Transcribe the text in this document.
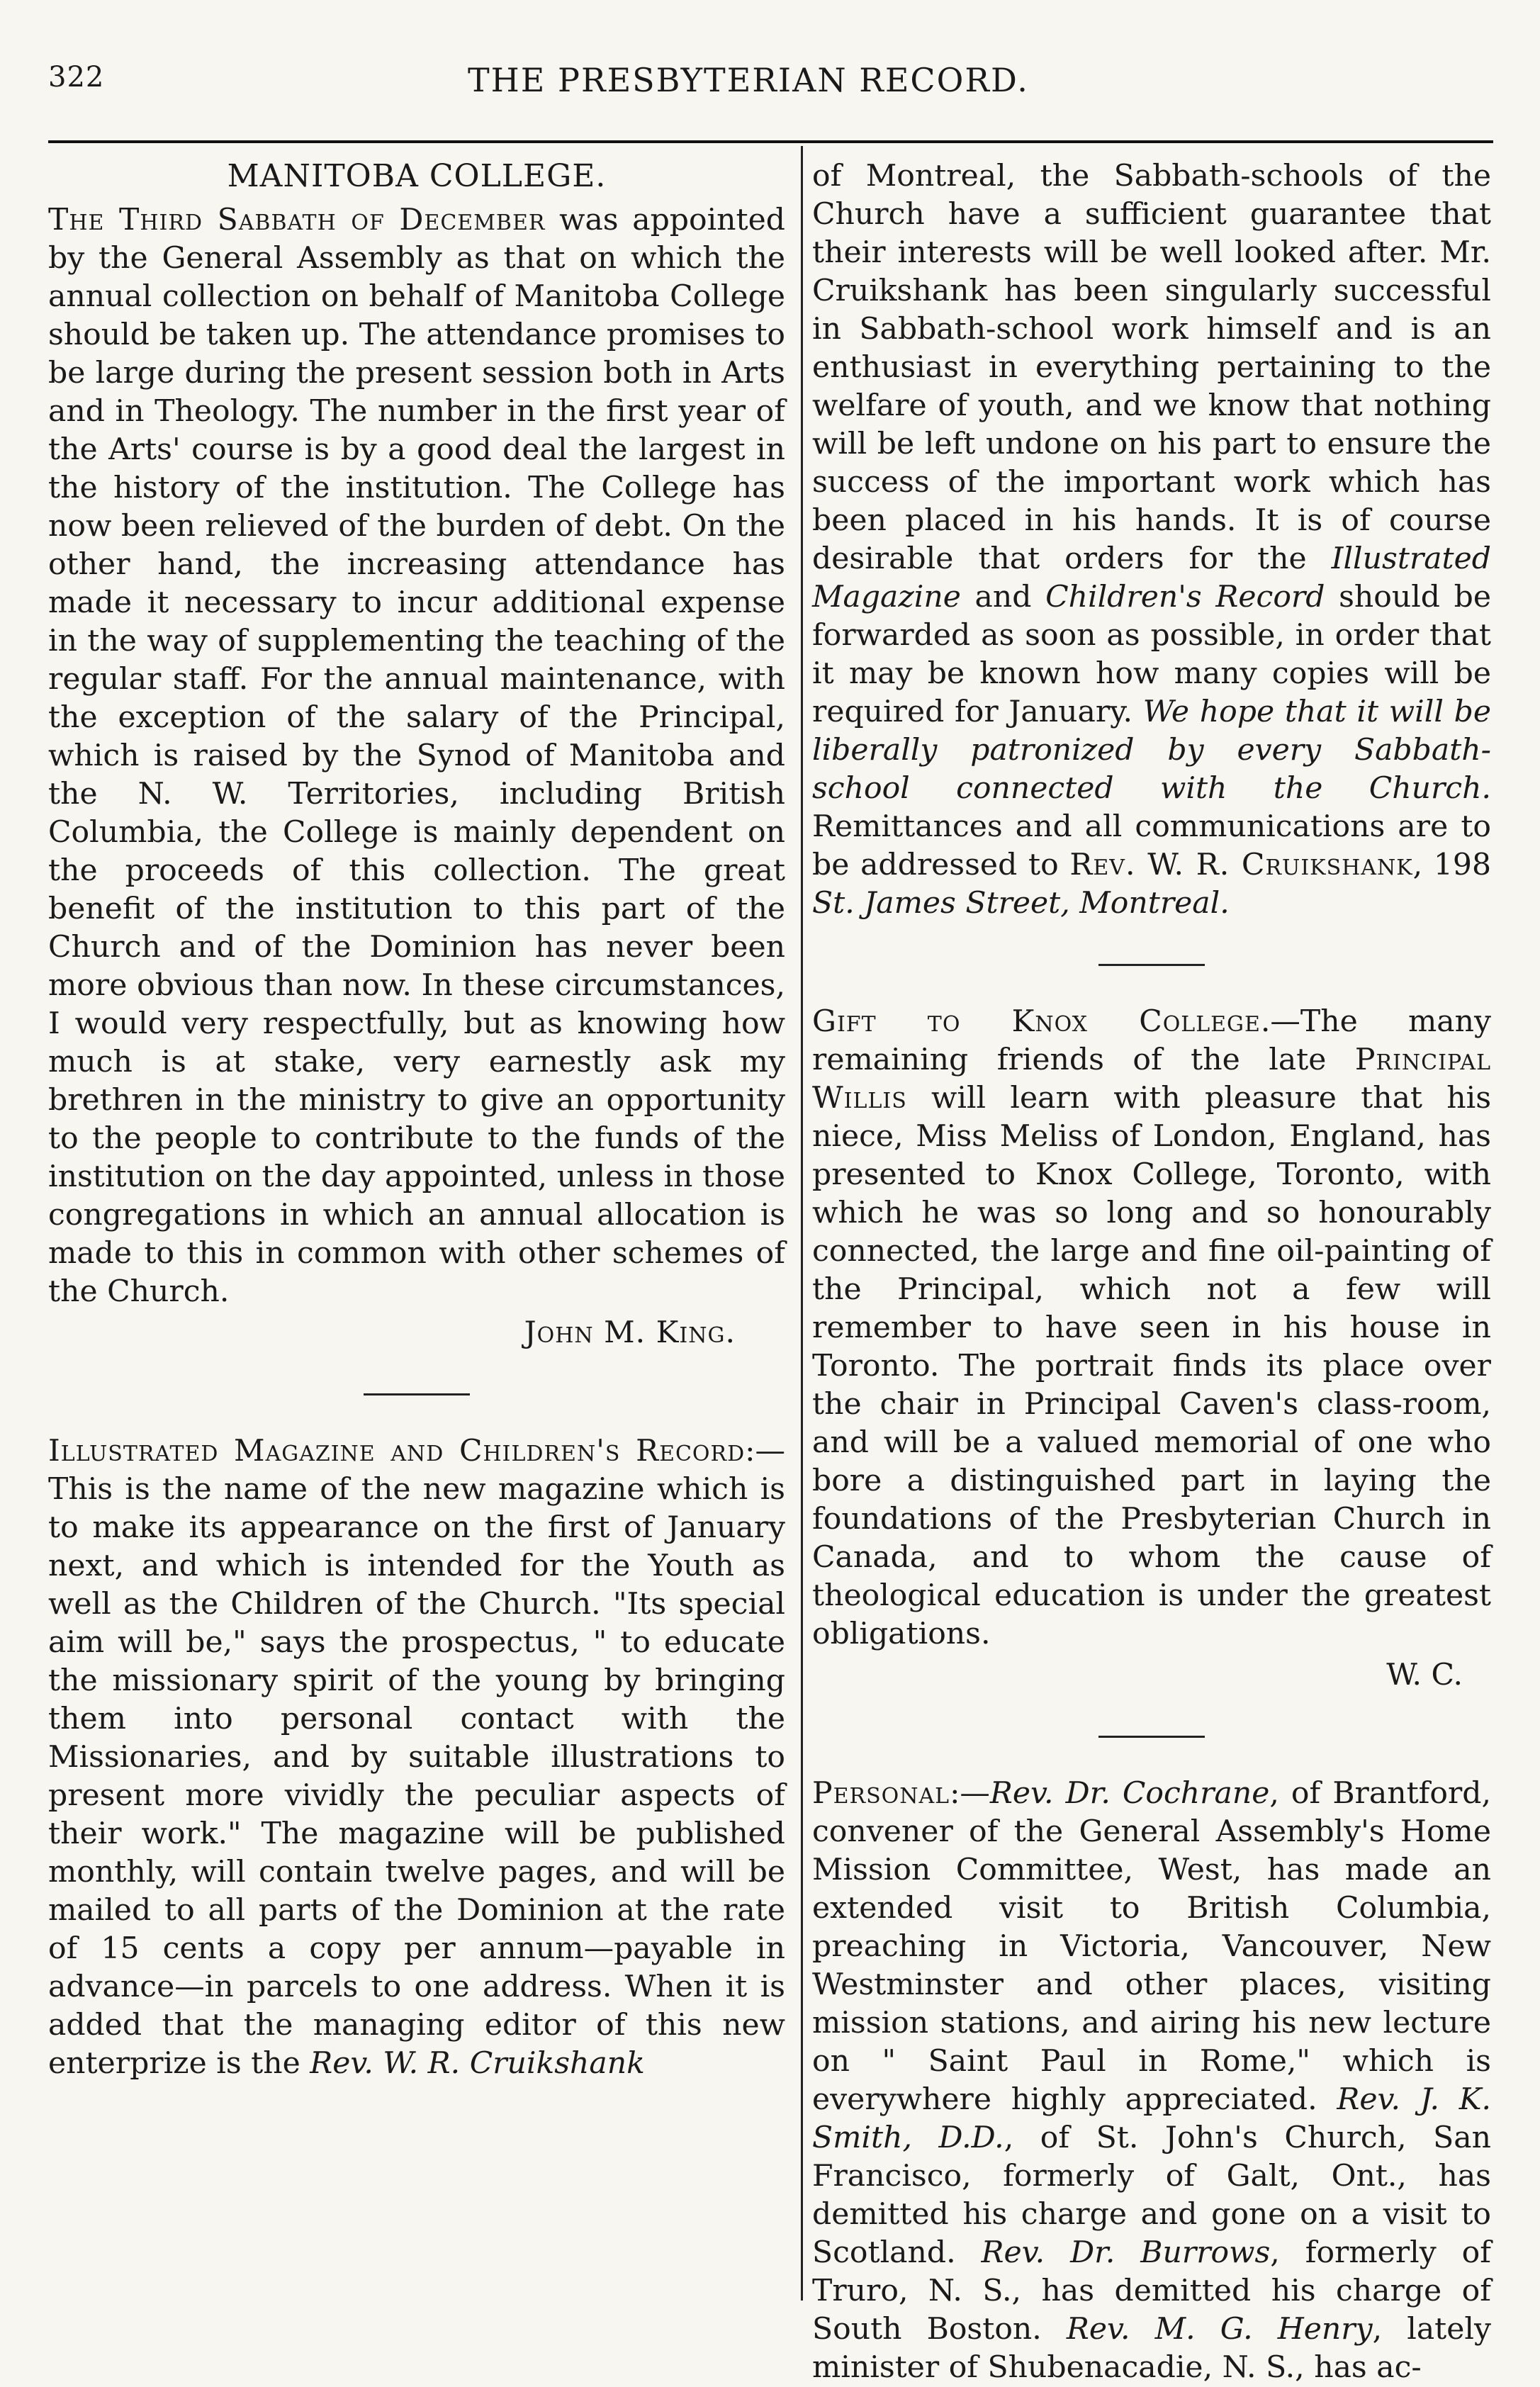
322	THE PRESBYTERIAN RECORD.

MANITOBA COLLEGE.

The Third Sabbath of December was appointed by the General Assembly as that on which the annual collection on behalf of Manitoba College should be taken up. The attendance promises to be large during the present session both in Arts and in Theology. The number in the first year of the Arts' course is by a good deal the largest in the history of the institution. The College has now been relieved of the burden of debt. On the other hand, the increasing attendance has made it necessary to incur additional expense in the way of supplementing the teaching of the regular staff. For the annual maintenance, with the exception of the salary of the Principal, which is raised by the Synod of Manitoba and the N. W. Territories, including British Columbia, the College is mainly dependent on the proceeds of this collection. The great benefit of the institution to this part of the Church and of the Dominion has never been more obvious than now. In these circumstances, I would very respectfully, but as knowing how much is at stake, very earnestly ask my brethren in the ministry to give an opportunity to the people to contribute to the funds of the institution on the day appointed, unless in those congregations in which an annual allocation is made to this in common with other schemes of the Church.

John M. King.

Illustrated Magazine and Children's Record:—This is the name of the new magazine which is to make its appearance on the first of January next, and which is intended for the Youth as well as the Children of the Church. "Its special aim will be," says the prospectus, " to educate the missionary spirit of the young by bringing them into personal contact with the Missionaries, and by suitable illustrations to present more vividly the peculiar aspects of their work." The magazine will be published monthly, will contain twelve pages, and will be mailed to all parts of the Dominion at the rate of 15 cents a copy per annum—payable in advance—in parcels to one address. When it is added that the managing editor of this new enterprize is the Rev. W. R. Cruikshank

of Montreal, the Sabbath-schools of the Church have a sufficient guarantee that their interests will be well looked after. Mr. Cruikshank has been singularly successful in Sabbath-school work himself and is an enthusiast in everything pertaining to the welfare of youth, and we know that nothing will be left undone on his part to ensure the success of the important work which has been placed in his hands. It is of course desirable that orders for the Illustrated Magazine and Children's Record should be forwarded as soon as possible, in order that it may be known how many copies will be required for January. We hope that it will be liberally patronized by every Sabbath-school connected with the Church. Remittances and all communications are to be addressed to Rev. W. R. Cruikshank, 198 St. James Street, Montreal.

Gift to Knox College.—The many remaining friends of the late Principal Willis will learn with pleasure that his niece, Miss Meliss of London, England, has presented to Knox College, Toronto, with which he was so long and so honourably connected, the large and fine oil-painting of the Principal, which not a few will remember to have seen in his house in Toronto. The portrait finds its place over the chair in Principal Caven's class-room, and will be a valued memorial of one who bore a distinguished part in laying the foundations of the Presbyterian Church in Canada, and to whom the cause of theological education is under the greatest obligations.

W. C.

Personal:—Rev. Dr. Cochrane, of Brantford, convener of the General Assembly's Home Mission Committee, West, has made an extended visit to British Columbia, preaching in Victoria, Vancouver, New Westminster and other places, visiting mission stations, and airing his new lecture on " Saint Paul in Rome," which is everywhere highly appreciated. Rev. J. K. Smith, D.D., of St. John's Church, San Francisco, formerly of Galt, Ont., has demitted his charge and gone on a visit to Scotland. Rev. Dr. Burrows, formerly of Truro, N. S., has demitted his charge of South Boston. Rev. M. G. Henry, lately minister of Shubenacadie, N. S., has ac-
